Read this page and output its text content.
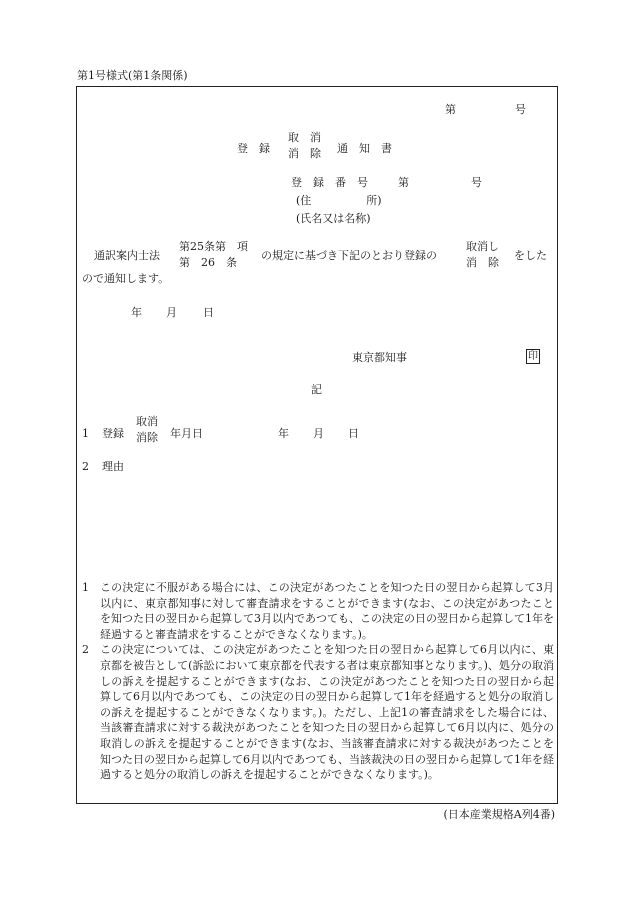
第1号様式(第1条関係)
第	号
登　録
取　消
消　除 通　知　書
登　録　番　号	第	号
(住　　　　　所)
(氏名又は名称)
通訳案内士法
第25条第　項
第　26　条
の規定に基づき下記のとおり登録の
取消し
消　除
をした
ので通知します。
年 月 日
東京都知事	印
記
1 登録
取消
消除 年月日	年 月 日
2 理由
1	この決定に不服がある場合には、この決定があつたことを知つた日の翌日から起算して3月以内に、東京都知事に対して審査請求をすることができます(なお、この決定があつたことを知つた日の翌日から起算して3月以内であつても、この決定の日の翌日から起算して1年を経過すると審査請求をすることができなくなります。)。
2	この決定については、この決定があつたことを知つた日の翌日から起算して6月以内に、東京都を被告として(訴訟において東京都を代表する者は東京都知事となります。)、処分の取消しの訴えを提起することができます(なお、この決定があつたことを知つた日の翌日から起算して6月以内であつても、この決定の日の翌日から起算して1年を経過すると処分の取消しの訴えを提起することができなくなります。)。ただし、上記1の審査請求をした場合には、当該審査請求に対する裁決があつたことを知つた日の翌日から起算して6月以内に、処分の取消しの訴えを提起することができます(なお、当該審査請求に対する裁決があつたことを知つた日の翌日から起算して6月以内であつても、当該裁決の日の翌日から起算して1年を経過すると処分の取消しの訴えを提起することができなくなります。)。
(日本産業規格A列4番)
